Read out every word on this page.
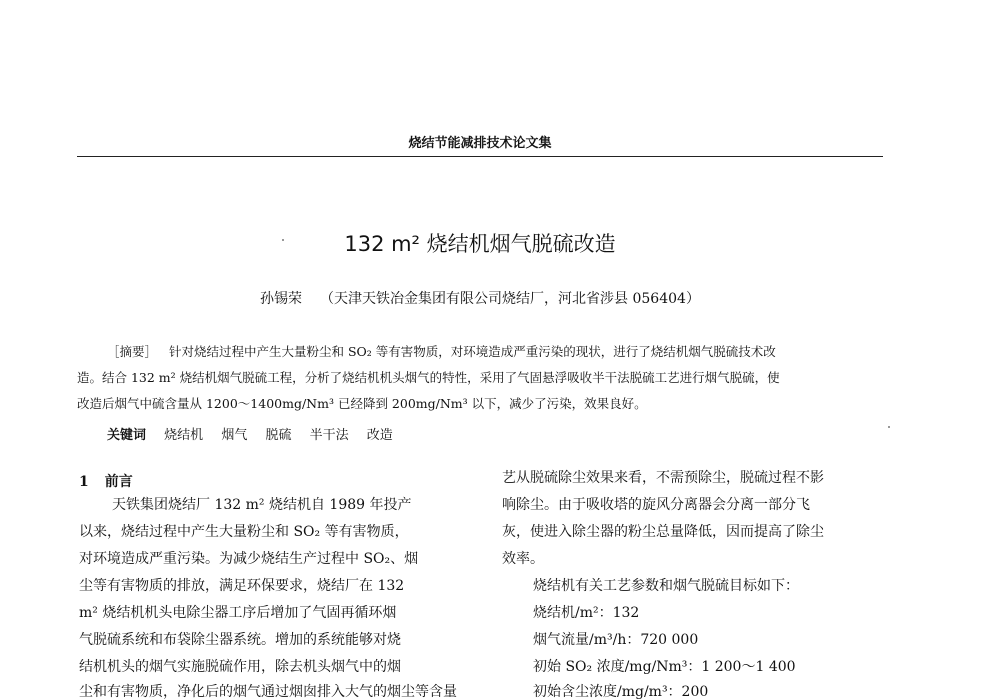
烧结节能减排技术论文集
132 m² 烧结机烟气脱硫改造
孙锡荣 （天津天铁冶金集团有限公司烧结厂，河北省涉县 056404）
［摘要］ 针对烧结过程中产生大量粉尘和 SO₂ 等有害物质，对环境造成严重污染的现状，进行了烧结机烟气脱硫技术改
造。结合 132 m² 烧结机烟气脱硫工程，分析了烧结机机头烟气的特性，采用了气固悬浮吸收半干法脱硫工艺进行烟气脱硫，使
改造后烟气中硫含量从 1200～1400mg/Nm³ 已经降到 200mg/Nm³ 以下，减少了污染，效果良好。
关键词 烧结机 烟气 脱硫 半干法 改造
1 前言
天铁集团烧结厂 132 m² 烧结机自 1989 年投产
以来，烧结过程中产生大量粉尘和 SO₂ 等有害物质，
对环境造成严重污染。为减少烧结生产过程中 SO₂、烟
尘等有害物质的排放，满足环保要求，烧结厂在 132
m² 烧结机机头电除尘器工序后增加了气固再循环烟
气脱硫系统和布袋除尘器系统。增加的系统能够对烧
结机机头的烟气实施脱硫作用，除去机头烟气中的烟
尘和有害物质，净化后的烟气通过烟囱排入大气的烟尘等含量
艺从脱硫除尘效果来看，不需预除尘，脱硫过程不影
响除尘。由于吸收塔的旋风分离器会分离一部分飞
灰，使进入除尘器的粉尘总量降低，因而提高了除尘
效率。
烧结机有关工艺参数和烟气脱硫目标如下：
烧结机/m²：132
烟气流量/m³/h：720 000
初始 SO₂ 浓度/mg/Nm³：1 200～1 400
初始含尘浓度/mg/m³：200
